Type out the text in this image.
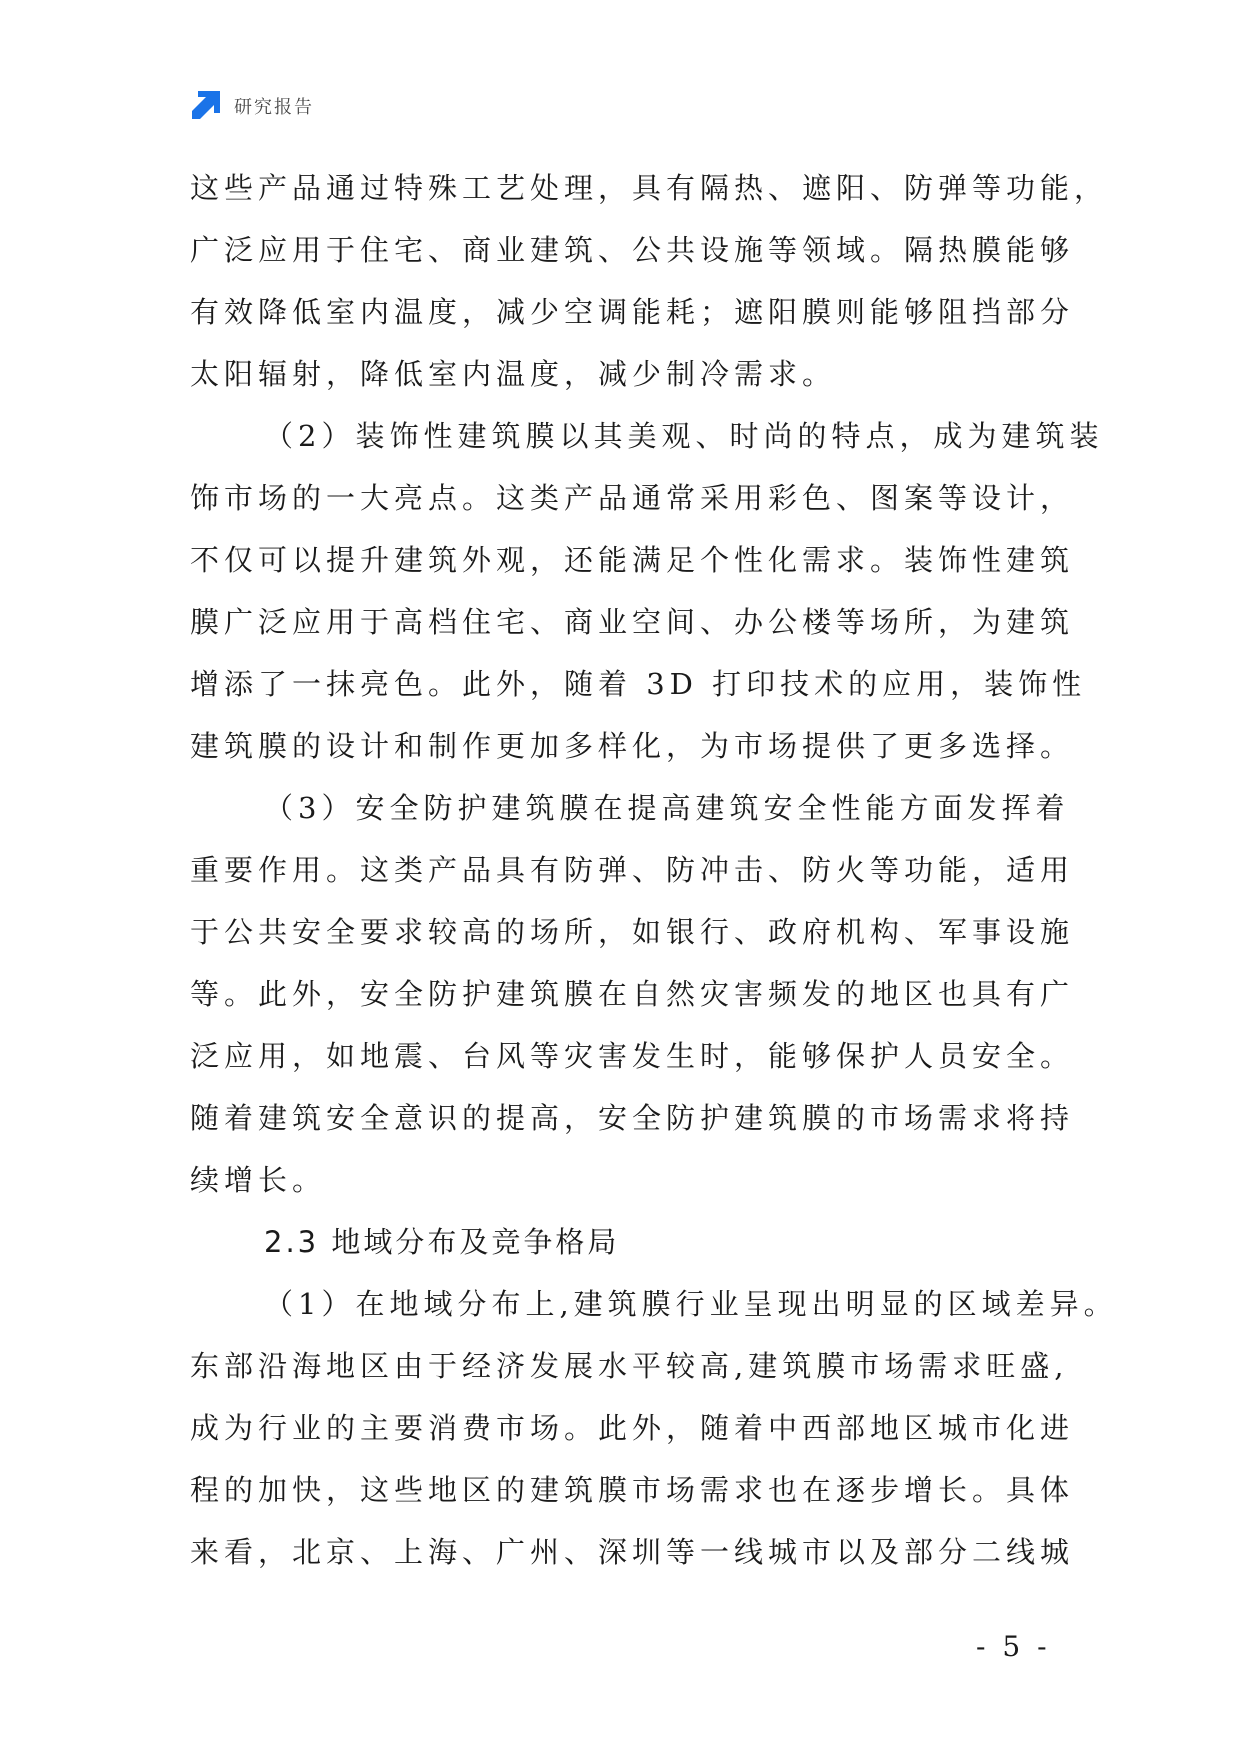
研究报告
这些产品通过特殊工艺处理，具有隔热、遮阳、防弹等功能，
广泛应用于住宅、商业建筑、公共设施等领域。隔热膜能够
有效降低室内温度，减少空调能耗；遮阳膜则能够阻挡部分
太阳辐射，降低室内温度，减少制冷需求。
（2）装饰性建筑膜以其美观、时尚的特点，成为建筑装
饰市场的一大亮点。这类产品通常采用彩色、图案等设计，
不仅可以提升建筑外观，还能满足个性化需求。装饰性建筑
膜广泛应用于高档住宅、商业空间、办公楼等场所，为建筑
增添了一抹亮色。此外，随着 3D 打印技术的应用，装饰性
建筑膜的设计和制作更加多样化，为市场提供了更多选择。
（3）安全防护建筑膜在提高建筑安全性能方面发挥着
重要作用。这类产品具有防弹、防冲击、防火等功能，适用
于公共安全要求较高的场所，如银行、政府机构、军事设施
等。此外，安全防护建筑膜在自然灾害频发的地区也具有广
泛应用，如地震、台风等灾害发生时，能够保护人员安全。
随着建筑安全意识的提高，安全防护建筑膜的市场需求将持
续增长。
2.3 地域分布及竞争格局
（1）在地域分布上,建筑膜行业呈现出明显的区域差异。
东部沿海地区由于经济发展水平较高,建筑膜市场需求旺盛,
成为行业的主要消费市场。此外，随着中西部地区城市化进
程的加快，这些地区的建筑膜市场需求也在逐步增长。具体
来看，北京、上海、广州、深圳等一线城市以及部分二线城
- 5 -
